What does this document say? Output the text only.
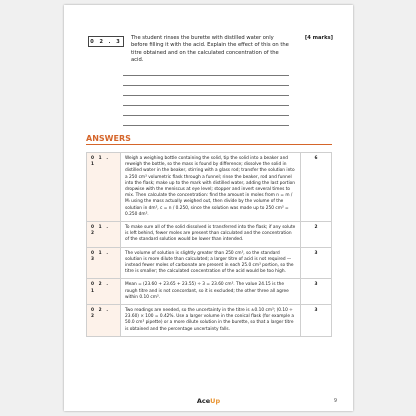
0 2 . 3
The student rinses the burette with distilled water only before filling it with the acid. Explain the effect of this on the titre obtained and on the calculated concentration of the acid.
[4 marks]
ANSWERS
0 1 . 1	Weigh a weighing bottle containing the solid, tip the solid into a beaker and reweigh the bottle, so the mass is found by difference; dissolve the solid in distilled water in the beaker, stirring with a glass rod; transfer the solution into a 250 cm³ volumetric flask through a funnel; rinse the beaker, rod and funnel into the flask; make up to the mark with distilled water, adding the last portion dropwise with the meniscus at eye level; stopper and invert several times to mix. Then calculate the concentration: find the amount in moles from n = m / Mᵣ using the mass actually weighed out, then divide by the volume of the solution in dm³, c = n / 0.250, since the solution was made up to 250 cm³ = 0.250 dm³.	6
0 1 . 2	To make sure all of the solid dissolved is transferred into the flask; if any solute is left behind, fewer moles are present than calculated and the concentration of the standard solution would be lower than intended.	2
0 1 . 3	The volume of solution is slightly greater than 250 cm³, so the standard solution is more dilute than calculated; a larger titre of acid is not required — instead fewer moles of carbonate are present in each 25.0 cm³ portion, so the titre is smaller; the calculated concentration of the acid would be too high.	3
0 2 . 1	Mean = (23.60 + 23.65 + 23.55) ÷ 3 = 23.60 cm³. The value 24.15 is the rough titre and is not concordant, so it is excluded; the other three all agree within 0.10 cm³.	3
0 2 . 2	Two readings are needed, so the uncertainty in the titre is ±0.10 cm³; (0.10 ÷ 23.60) × 100 = 0.42%. Use a larger volume in the conical flask (for example a 50.0 cm³ pipette) or a more dilute solution in the burette, so that a larger titre is obtained and the percentage uncertainty falls.	3
AceUp	9
